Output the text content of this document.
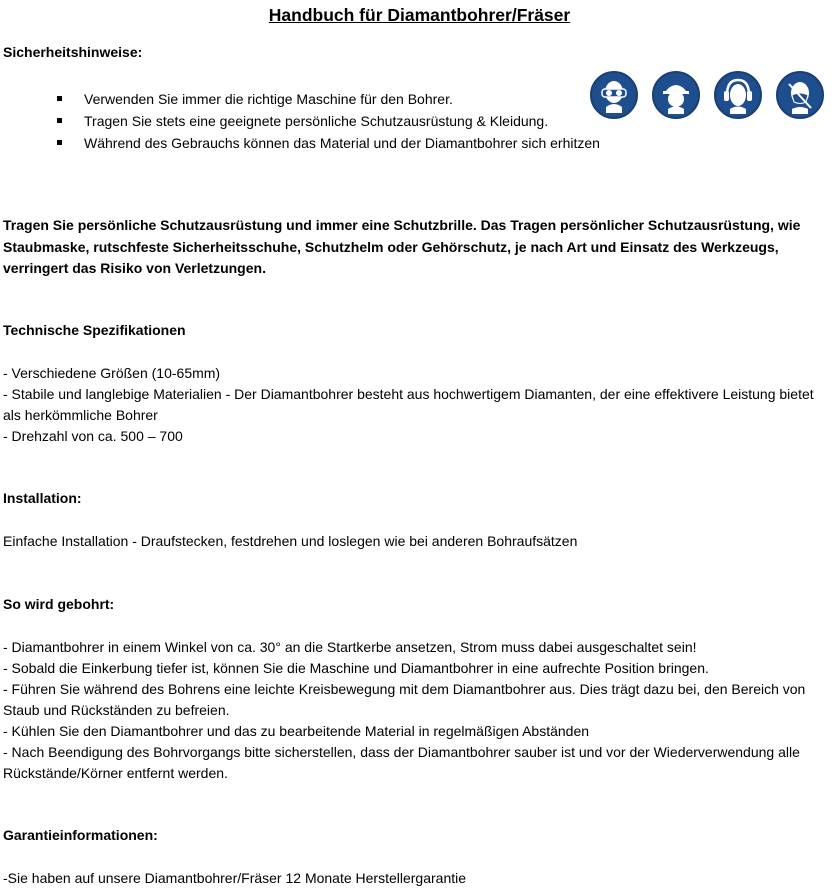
Handbuch für Diamantbohrer/Fräser
Sicherheitshinweise:
Verwenden Sie immer die richtige Maschine für den Bohrer.
Tragen Sie stets eine geeignete persönliche Schutzausrüstung & Kleidung.
Während des Gebrauchs können das Material und der Diamantbohrer sich erhitzen
Tragen Sie persönliche Schutzausrüstung und immer eine Schutzbrille. Das Tragen persönlicher Schutzausrüstung, wie Staubmaske, rutschfeste Sicherheitsschuhe, Schutzhelm oder Gehörschutz, je nach Art und Einsatz des Werkzeugs, verringert das Risiko von Verletzungen.
Technische Spezifikationen
- Verschiedene Größen (10-65mm)
- Stabile und langlebige Materialien - Der Diamantbohrer besteht aus hochwertigem Diamanten, der eine effektivere Leistung bietet als herkömmliche Bohrer
- Drehzahl von ca. 500 – 700
Installation:
Einfache Installation - Draufstecken, festdrehen und loslegen wie bei anderen Bohraufsätzen
So wird gebohrt:
- Diamantbohrer in einem Winkel von ca. 30° an die Startkerbe ansetzen, Strom muss dabei ausgeschaltet sein!
- Sobald die Einkerbung tiefer ist, können Sie die Maschine und Diamantbohrer in eine aufrechte Position bringen.
- Führen Sie während des Bohrens eine leichte Kreisbewegung mit dem Diamantbohrer aus. Dies trägt dazu bei, den Bereich von Staub und Rückständen zu befreien.
- Kühlen Sie den Diamantbohrer und das zu bearbeitende Material in regelmäßigen Abständen
- Nach Beendigung des Bohrvorgangs bitte sicherstellen, dass der Diamantbohrer sauber ist und vor der Wiederverwendung alle Rückstände/Körner entfernt werden.
Garantieinformationen:
-Sie haben auf unsere Diamantbohrer/Fräser 12 Monate Herstellergarantie
